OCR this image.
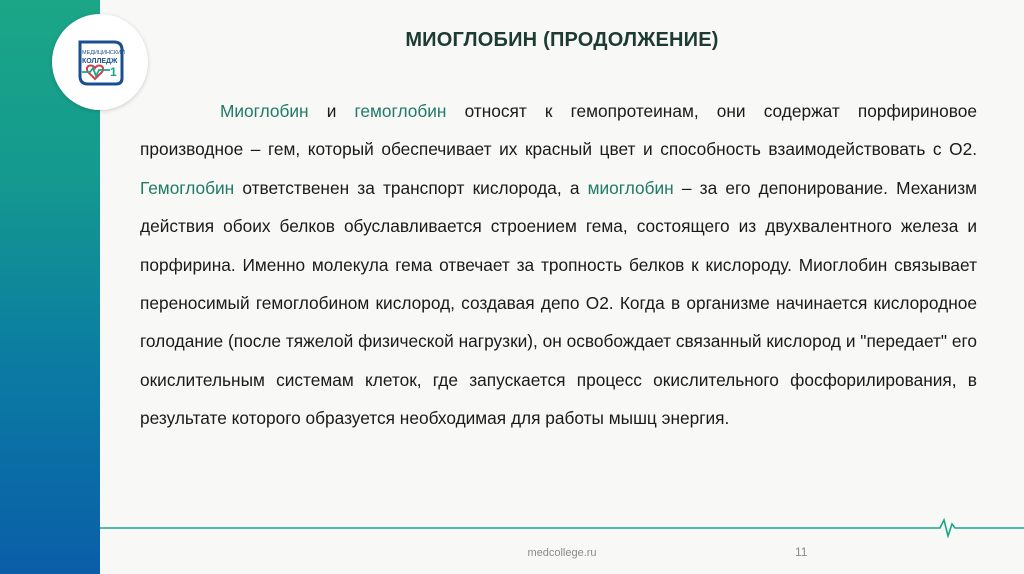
МЕДИЦИНСКИЙ
КОЛЛЕДЖ
1
МИОГЛОБИН (ПРОДОЛЖЕНИЕ)

Миоглобин и гемоглобин относят к гемопротеинам, они содержат порфириновое производное – гем, который обеспечивает их красный цвет и способность взаимодействовать с О2. Гемоглобин ответственен за транспорт кислорода, а миоглобин – за его депонирование. Механизм действия обоих белков обуславливается строением гема, состоящего из двухвалентного железа и порфирина. Именно молекула гема отвечает за тропность белков к кислороду. Миоглобин связывает переносимый гемоглобином кислород, создавая депо О2. Когда в организме начинается кислородное голодание (после тяжелой физической нагрузки), он освобождает связанный кислород и "передает" его окислительным системам клеток, где запускается процесс окислительного фосфорилирования, в результате которого образуется необходимая для работы мышц энергия.

medcollege.ru	11
